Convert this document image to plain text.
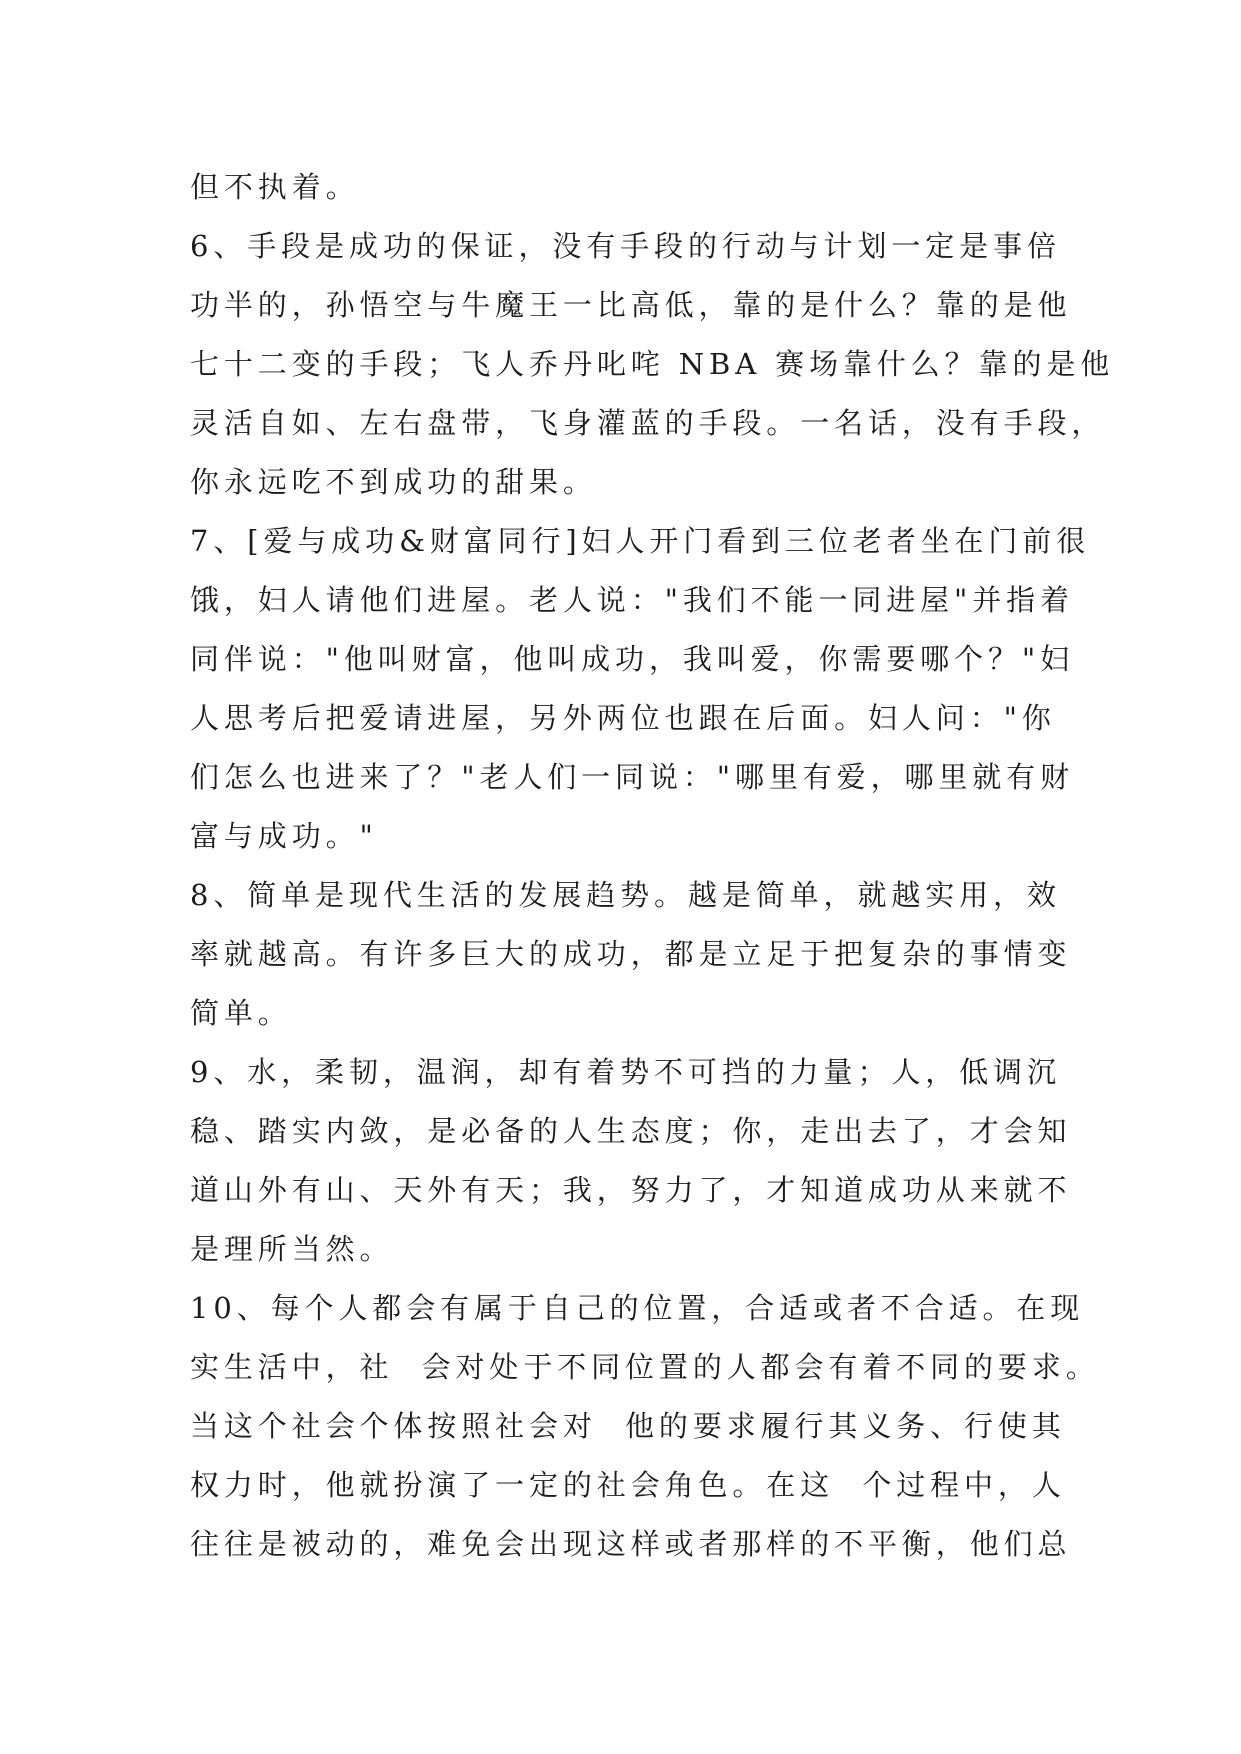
但不执着。
6、手段是成功的保证，没有手段的行动与计划一定是事倍
功半的，孙悟空与牛魔王一比高低，靠的是什么？靠的是他
七十二变的手段；飞人乔丹叱咤 NBA 赛场靠什么？靠的是他
灵活自如、左右盘带，飞身灌蓝的手段。一名话，没有手段，
你永远吃不到成功的甜果。
7、[爱与成功&财富同行]妇人开门看到三位老者坐在门前很
饿，妇人请他们进屋。老人说："我们不能一同进屋"并指着
同伴说："他叫财富，他叫成功，我叫爱，你需要哪个？"妇
人思考后把爱请进屋，另外两位也跟在后面。妇人问："你
们怎么也进来了？"老人们一同说："哪里有爱，哪里就有财
富与成功。"
8、简单是现代生活的发展趋势。越是简单，就越实用，效
率就越高。有许多巨大的成功，都是立足于把复杂的事情变
简单。
9、水，柔韧，温润，却有着势不可挡的力量；人，低调沉
稳、踏实内敛，是必备的人生态度；你，走出去了，才会知
道山外有山、天外有天；我，努力了，才知道成功从来就不
是理所当然。
10、每个人都会有属于自己的位置，合适或者不合适。在现
实生活中，社  会对处于不同位置的人都会有着不同的要求。
当这个社会个体按照社会对  他的要求履行其义务、行使其
权力时，他就扮演了一定的社会角色。在这  个过程中，人
往往是被动的，难免会出现这样或者那样的不平衡，他们总
